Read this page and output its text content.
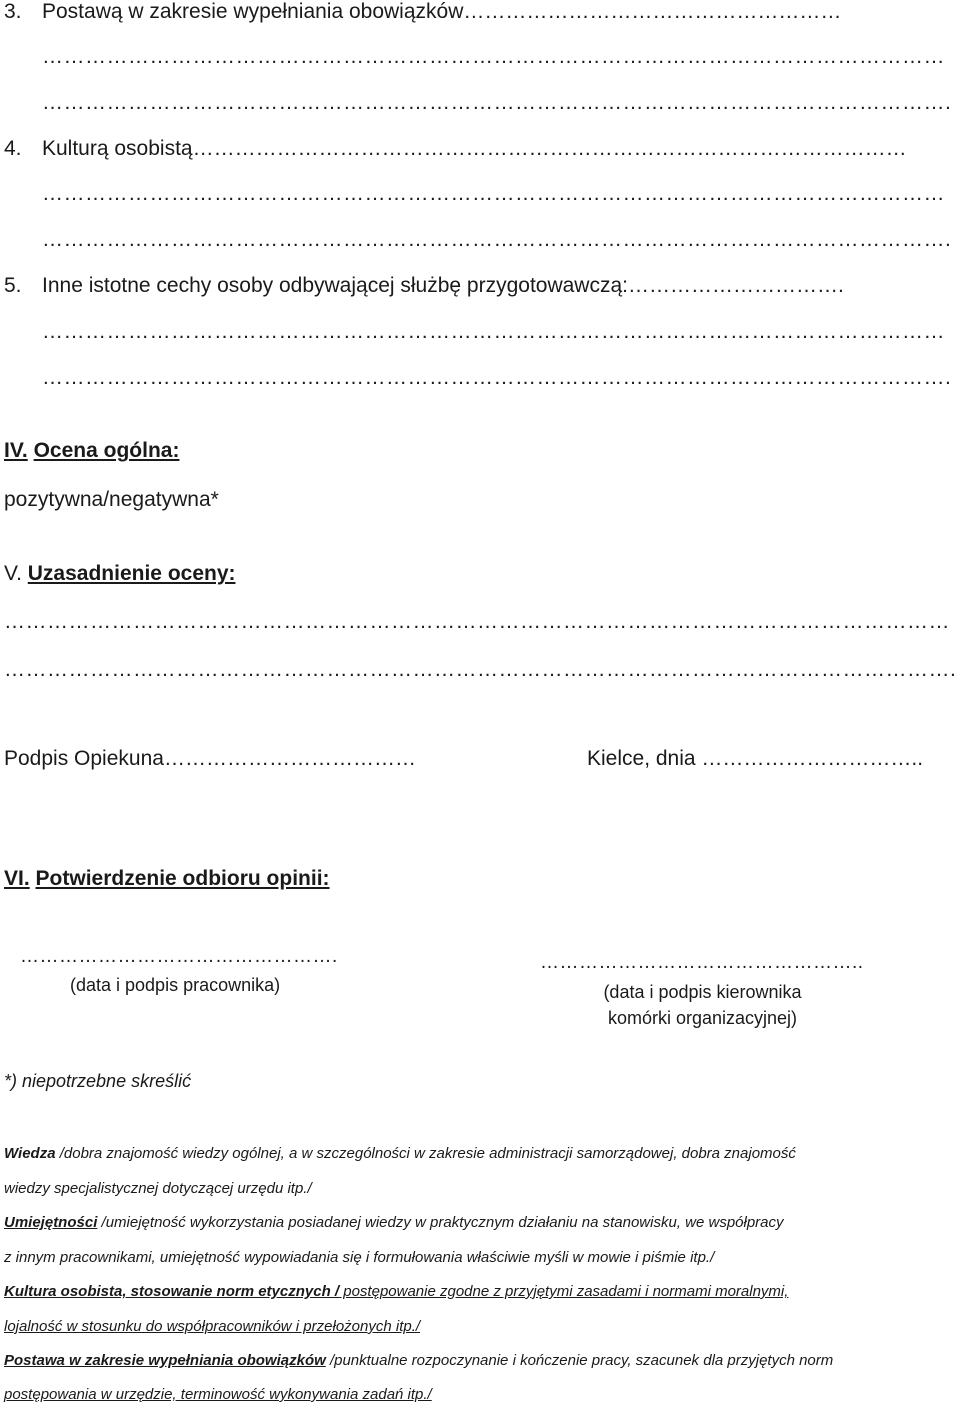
3. Postawą w zakresie wypełniania obowiązków………………………………………………
………………………………………………………………………………………………………………
……………………………………………………………………………………………………………….
4. Kulturą osobistą…………………………………………………………………………………………
………………………………………………………………………………………………………………
……………………………………………………………………………………………………………….
5. Inne istotne cechy osoby odbywającej służbę przygotowawczą:………………………….
………………………………………………………………………………………………………………
……………………………………………………………………………………………………………….
IV. Ocena ogólna:
pozytywna/negatywna*
V. Uzasadnienie oceny:
……………………………………………………………………………………………………………………
…………………………………………………………………………………………………………………….
Podpis Opiekuna………………………………	Kielce, dnia …………………………..
VI. Potwierdzenie odbioru opinii:
………………………………………….
(data i podpis pracownika)
…………………………………………..
(data i podpis kierownika
komórki organizacyjnej)
*) niepotrzebne skreślić
Wiedza /dobra znajomość wiedzy ogólnej, a w szczególności w zakresie administracji samorządowej, dobra znajomość
wiedzy specjalistycznej dotyczącej urzędu itp./
Umiejętności /umiejętność wykorzystania posiadanej wiedzy w praktycznym działaniu na stanowisku, we współpracy
z innym pracownikami, umiejętność wypowiadania się i formułowania właściwie myśli w mowie i piśmie itp./
Kultura osobista, stosowanie norm etycznych / postępowanie zgodne z przyjętymi zasadami i normami moralnymi,
lojalność w stosunku do współpracowników i przełożonych itp./
Postawa w zakresie wypełniania obowiązków /punktualne rozpoczynanie i kończenie pracy, szacunek dla przyjętych norm
postępowania w urzędzie, terminowość wykonywania zadań itp./
